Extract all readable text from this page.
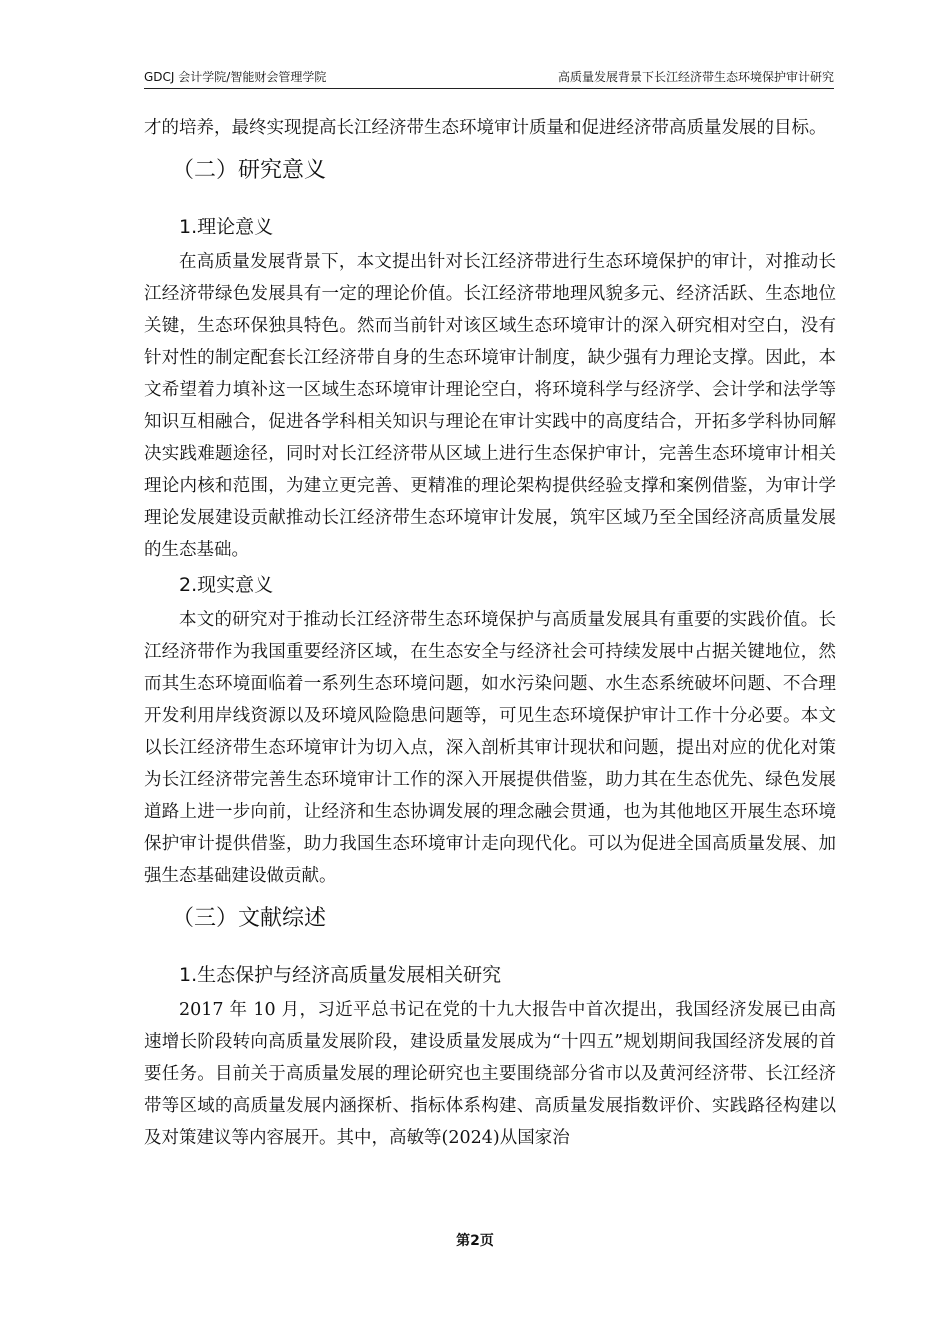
GDCJ 会计学院/智能财会管理学院	高质量发展背景下长江经济带生态环境保护审计研究

才的培养，最终实现提高长江经济带生态环境审计质量和促进经济带高质量发展的目标。

（二）研究意义
1.理论意义

在高质量发展背景下，本文提出针对长江经济带进行生态环境保护的审计，对推动长江经济带绿色发展具有一定的理论价值。长江经济带地理风貌多元、经济活跃、生态地位关键，生态环保独具特色。然而当前针对该区域生态环境审计的深入研究相对空白，没有针对性的制定配套长江经济带自身的生态环境审计制度，缺少强有力理论支撑。因此，本文希望着力填补这一区域生态环境审计理论空白，将环境科学与经济学、会计学和法学等知识互相融合，促进各学科相关知识与理论在审计实践中的高度结合，开拓多学科协同解决实践难题途径，同时对长江经济带从区域上进行生态保护审计，完善生态环境审计相关理论内核和范围，为建立更完善、更精准的理论架构提供经验支撑和案例借鉴，为审计学理论发展建设贡献推动长江经济带生态环境审计发展，筑牢区域乃至全国经济高质量发展的生态基础。

2.现实意义

本文的研究对于推动长江经济带生态环境保护与高质量发展具有重要的实践价值。长江经济带作为我国重要经济区域，在生态安全与经济社会可持续发展中占据关键地位，然而其生态环境面临着一系列生态环境问题，如水污染问题、水生态系统破坏问题、不合理开发利用岸线资源以及环境风险隐患问题等，可见生态环境保护审计工作十分必要。本文以长江经济带生态环境审计为切入点，深入剖析其审计现状和问题，提出对应的优化对策为长江经济带完善生态环境审计工作的深入开展提供借鉴，助力其在生态优先、绿色发展道路上进一步向前，让经济和生态协调发展的理念融会贯通，也为其他地区开展生态环境保护审计提供借鉴，助力我国生态环境审计走向现代化。可以为促进全国高质量发展、加强生态基础建设做贡献。

（三）文献综述
1.生态保护与经济高质量发展相关研究

2017 年 10 月，习近平总书记在党的十九大报告中首次提出，我国经济发展已由高速增长阶段转向高质量发展阶段，建设质量发展成为“十四五”规划期间我国经济发展的首要任务。目前关于高质量发展的理论研究也主要围绕部分省市以及黄河经济带、长江经济带等区域的高质量发展内涵探析、指标体系构建、高质量发展指数评价、实践路径构建以及对策建议等内容展开。其中，高敏等(2024)从国家治

第2页
